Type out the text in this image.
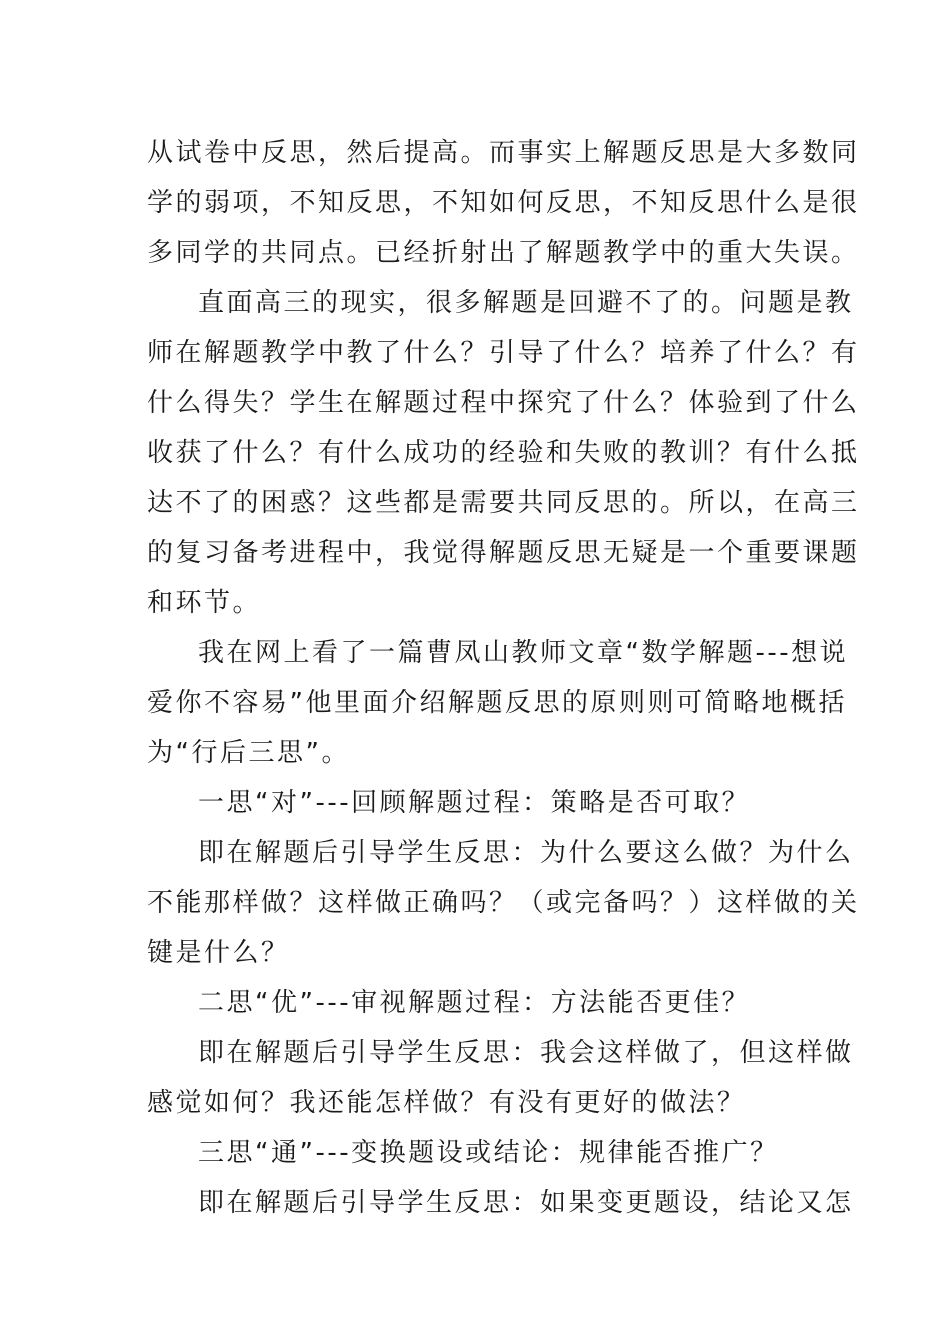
从试卷中反思，然后提高。而事实上解题反思是大多数同
学的弱项，不知反思，不知如何反思，不知反思什么是很
多同学的共同点。已经折射出了解题教学中的重大失误。
直面高三的现实，很多解题是回避不了的。问题是教
师在解题教学中教了什么？引导了什么？培养了什么？有
什么得失？学生在解题过程中探究了什么？体验到了什么
收获了什么？有什么成功的经验和失败的教训？有什么抵
达不了的困惑？这些都是需要共同反思的。所以，在高三
的复习备考进程中，我觉得解题反思无疑是一个重要课题
和环节。
我在网上看了一篇曹凤山教师文章“数学解题---想说
爱你不容易”他里面介绍解题反思的原则则可简略地概括
为“行后三思”。
一思“对”---回顾解题过程：策略是否可取？
即在解题后引导学生反思：为什么要这么做？为什么
不能那样做？这样做正确吗？（或完备吗？）这样做的关
键是什么？
二思“优”---审视解题过程：方法能否更佳？
即在解题后引导学生反思：我会这样做了，但这样做
感觉如何？我还能怎样做？有没有更好的做法？
三思“通”---变换题设或结论：规律能否推广？
即在解题后引导学生反思：如果变更题设，结论又怎
